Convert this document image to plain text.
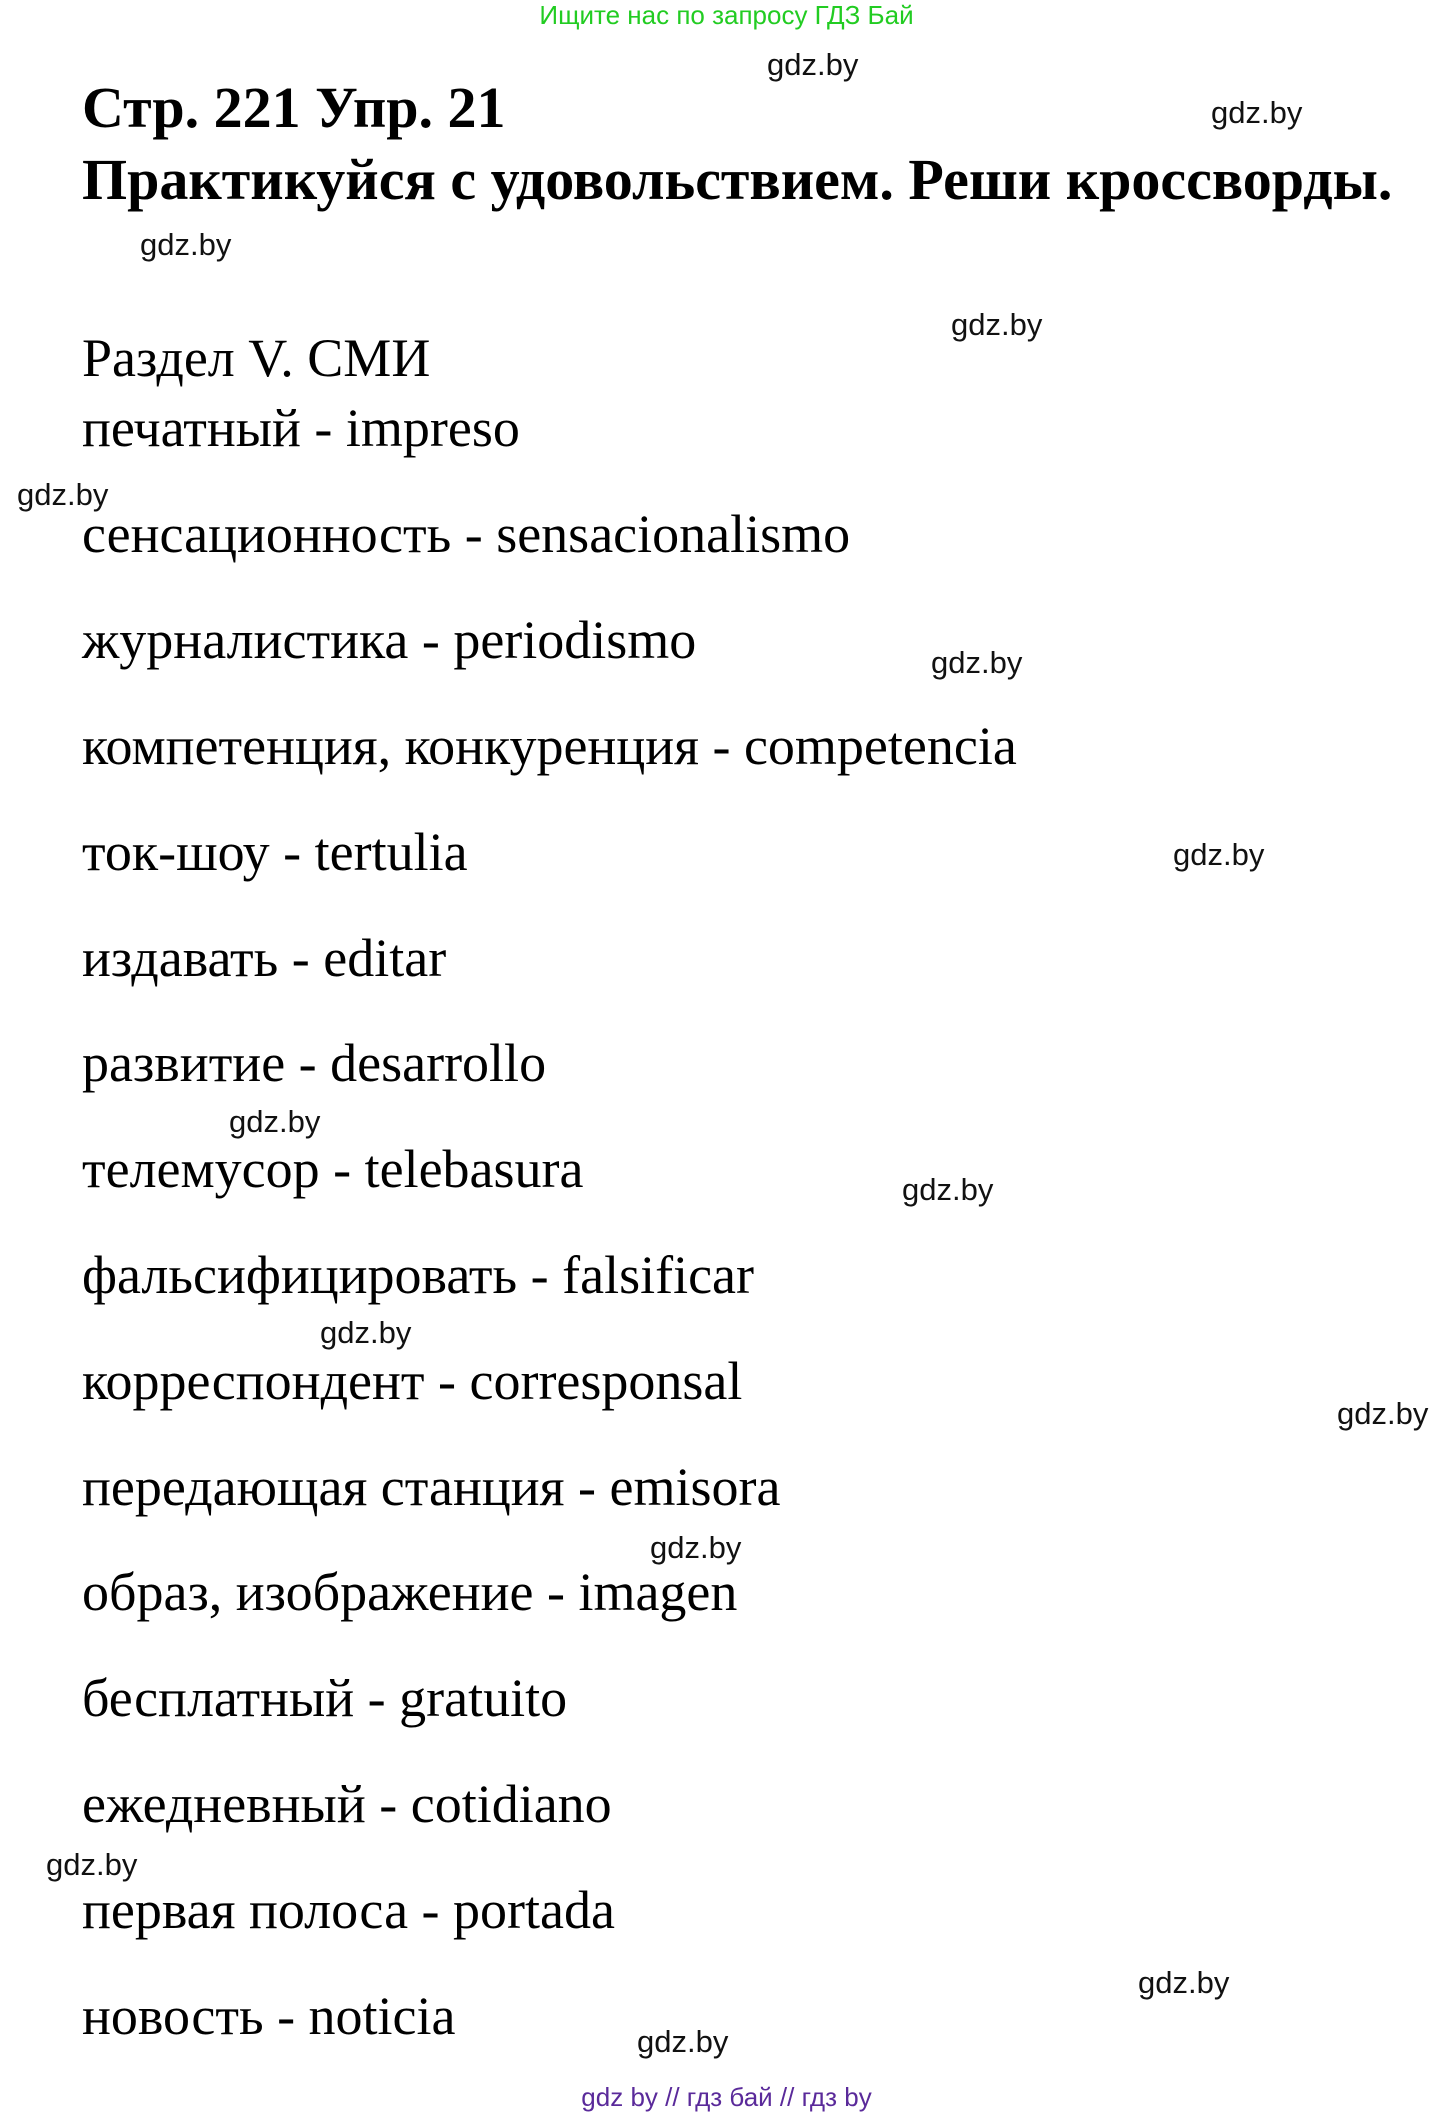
Ищите нас по запросу ГДЗ Бай
Стр. 221 Упр. 21
Практикуйся с удовольствием. Реши кроссворды.
Раздел V. СМИ
печатный - impreso
сенсационность - sensacionalismo
журналистика - periodismo
компетенция, конкуренция - competencia
ток-шоу - tertulia
издавать - editar
развитие - desarrollo
телемусор - telebasura
фальсифицировать - falsificar
корреспондент - corresponsal
передающая станция - emisora
образ, изображение - imagen
бесплатный - gratuito
ежедневный - cotidiano
первая полоса - portada
новость - noticia
gdz.by
gdz.by
gdz.by
gdz.by
gdz.by
gdz.by
gdz.by
gdz.by
gdz.by
gdz.by
gdz.by
gdz.by
gdz.by
gdz.by
gdz.by
gdz by // гдз бай // гдз by
